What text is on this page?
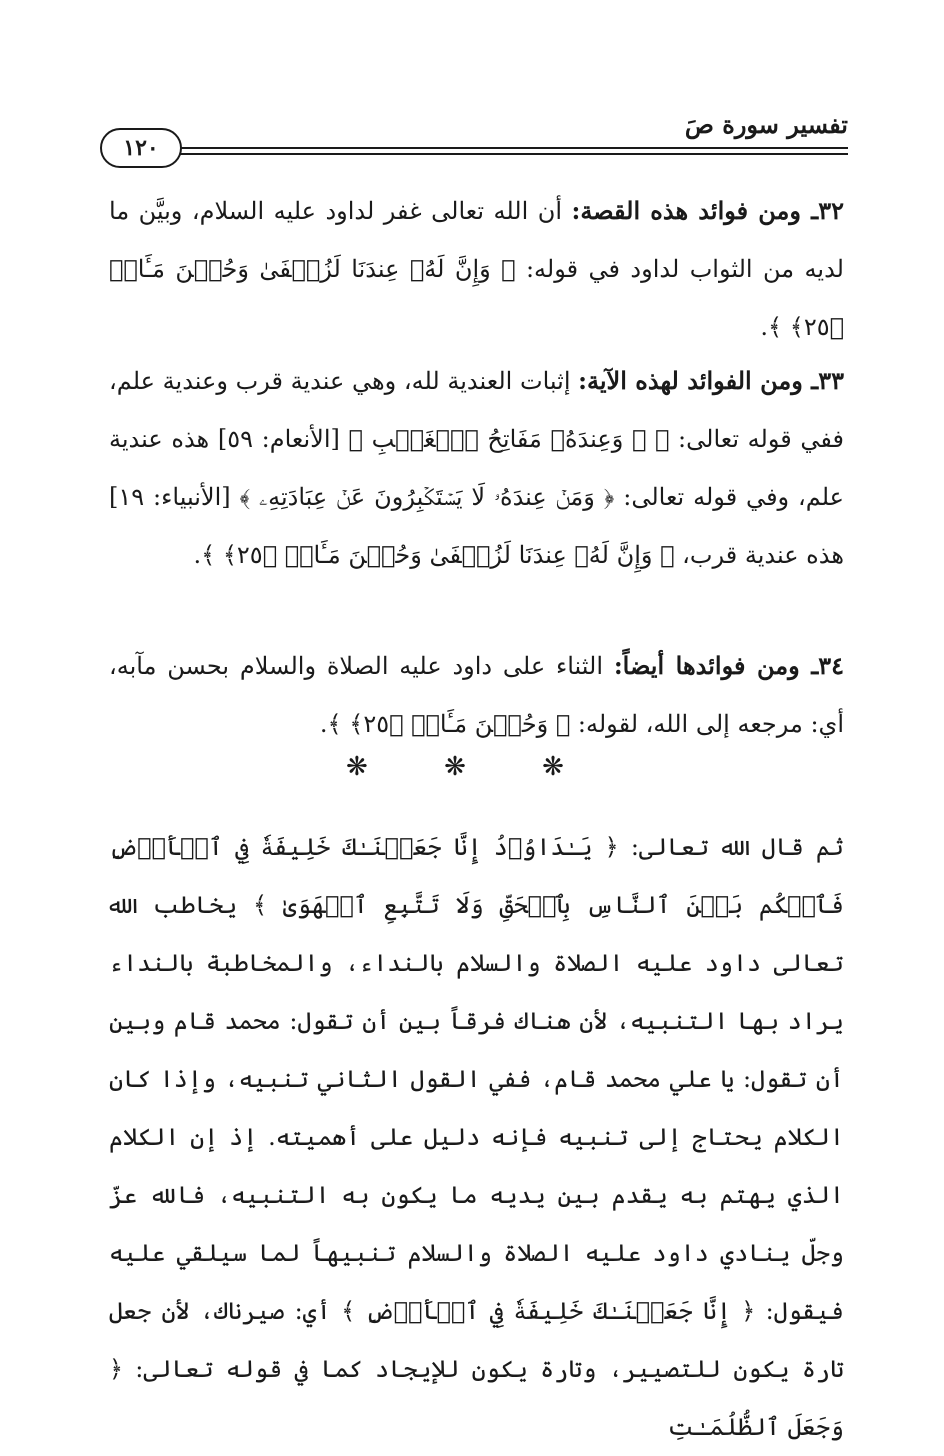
تفسير سورة صَ
١٢٠
٣٢ـ ومن فوائد هذه القصة: أن الله تعالى غفر لداود عليه السلام، وبيَّن ما لديه من الثواب لداود في قوله: ﴿ وَإِنَّ لَهُۥ عِندَنَا لَزُلۡفَىٰ وَحُسۡنَ مَـَٔابٖ ﴿٢٥﴾ ﴾.
٣٣ـ ومن الفوائد لهذه الآية: إثبات العندية لله، وهي عندية قرب وعندية علم، ففي قوله تعالى: ﴿ ۞ وَعِندَهُۥ مَفَاتِحُ ٱلۡغَيۡبِ ﴾ [الأنعام: ٥٩] هذه عندية علم، وفي قوله تعالى: ﴿ وَمَنۡ عِندَهُۥ لَا يَسۡتَكۡبِرُونَ عَنۡ عِبَادَتِهِۦ ﴾ [الأنبياء: ١٩] هذه عندية قرب، ﴿ وَإِنَّ لَهُۥ عِندَنَا لَزُلۡفَىٰ وَحُسۡنَ مَـَٔابٖ ﴿٢٥﴾ ﴾.
٣٤ـ ومن فوائدها أيضاً: الثناء على داود عليه الصلاة والسلام بحسن مآبه، أي: مرجعه إلى الله، لقوله: ﴿ وَحُسۡنَ مَـَٔابٖ ﴿٢٥﴾ ﴾.
❋ ❋ ❋
ثم قال الله تعالى: ﴿ يَـٰدَاوُۥدُ إِنَّا جَعَلۡنَـٰكَ خَلِيفَةٗ فِي ٱلۡأَرۡضِ فَٱحۡكُم بَيۡنَ ٱلنَّاسِ بِٱلۡحَقِّ وَلَا تَتَّبِعِ ٱلۡهَوَىٰ ﴾ يخاطب الله تعالى داود عليه الصلاة والسلام بالنداء، والمخاطبة بالنداء يراد بها التنبيه، لأن هناك فرقاً بين أن تقول: محمد قام وبين أن تقول: يا علي محمد قام، ففي القول الثاني تنبيه، وإذا كان الكلام يحتاج إلى تنبيه فإنه دليل على أهميته. إذ إن الكلام الذي يهتم به يقدم بين يديه ما يكون به التنبيه، فالله عزّ وجلّ ينادي داود عليه الصلاة والسلام تنبيهاً لما سيلقي عليه فيقول: ﴿ إِنَّا جَعَلۡنَـٰكَ خَلِيفَةٗ فِي ٱلۡأَرۡضِ ﴾ أي: صيرناك، لأن جعل تارة يكون للتصيير، وتارة يكون للإيجاد كما في قوله تعالى: ﴿ وَجَعَلَ ٱلظُّلُمَـٰتِ
